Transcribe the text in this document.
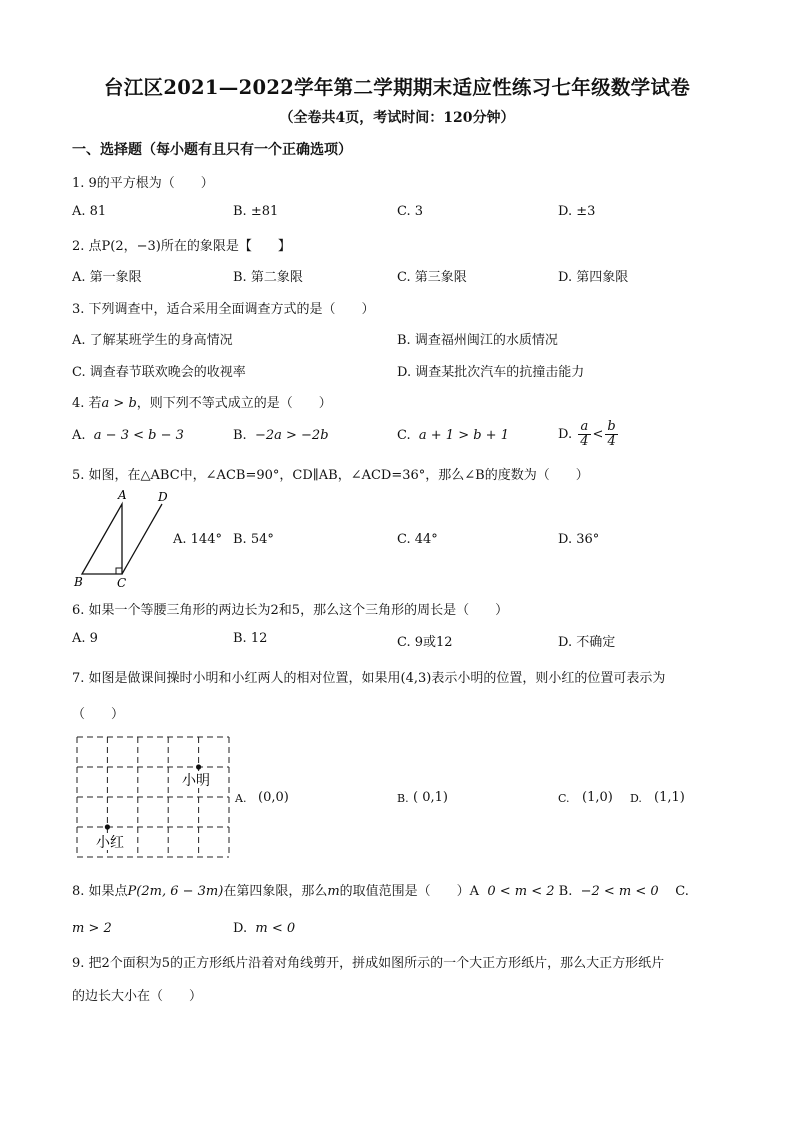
台江区2021—2022学年第二学期期末适应性练习七年级数学试卷
（全卷共4页，考试时间：120分钟）
一、选择题（每小题有且只有一个正确选项）
1. 9的平方根为（　　）
A. 81	B. ±81	C. 3	D. ±3
2. 点P(2，−3)所在的象限是【　　】
A. 第一象限	B. 第二象限	C. 第三象限	D. 第四象限
3. 下列调查中，适合采用全面调查方式的是（　　）
A. 了解某班学生的身高情况	B. 调查福州闽江的水质情况
C. 调查春节联欢晚会的收视率	D. 调查某批次汽车的抗撞击能力
4. 若a > b，则下列不等式成立的是（　　）
A. a − 3 < b − 3	B. −2a > −2b	C. a + 1 > b + 1	D. $\frac{a}{4} < \frac{b}{4}$
5. 如图，在△ABC中，∠ACB=90°，CD∥AB，∠ACD=36°，那么∠B的度数为（　　）
A	D
B	C
A. 144° B. 54°	C. 44°	D. 36°
6. 如果一个等腰三角形的两边长为2和5，那么这个三角形的周长是（　　）
A. 9	B. 12	C. 9或12	D. 不确定
7. 如图是做课间操时小明和小红两人的相对位置，如果用(4,3)表示小明的位置，则小红的位置可表示为
（　　）
小明
小红
A. (0,0)	B. ( 0,1)	C. (1,0) D. (1,1)
8. 如果点P(2m, 6 − 3m)在第四象限，那么m的取值范围是（　　）A 0 < m < 2 B. −2 < m < 0 C.
m > 2	D. m < 0
9. 把2个面积为5的正方形纸片沿着对角线剪开，拼成如图所示的一个大正方形纸片，那么大正方形纸片
的边长大小在（　　）
